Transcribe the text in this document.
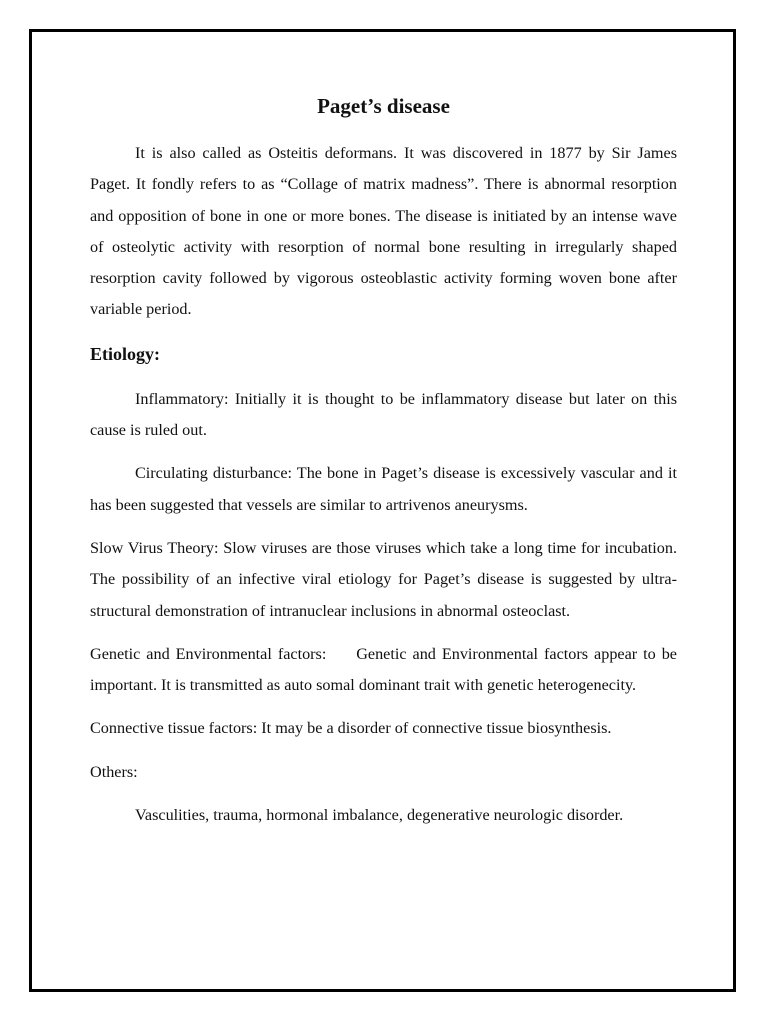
Paget’s disease

It is also called as Osteitis deformans. It was discovered in 1877 by Sir James Paget. It fondly refers to as “Collage of matrix madness”. There is abnormal resorption and opposition of bone in one or more bones. The disease is initiated by an intense wave of osteolytic activity with resorption of normal bone resulting in irregularly shaped resorption cavity followed by vigorous osteoblastic activity forming woven bone after variable period.

Etiology:

Inflammatory: Initially it is thought to be inflammatory disease but later on this cause is ruled out.

Circulating disturbance: The bone in Paget’s disease is excessively vascular and it has been suggested that vessels are similar to artrivenos aneurysms.

Slow Virus Theory: Slow viruses are those viruses which take a long time for incubation. The possibility of an infective viral etiology for Paget’s disease is suggested by ultra-structural demonstration of intranuclear inclusions in abnormal osteoclast.

Genetic and Environmental factors:     Genetic and Environmental factors appear to be important. It is transmitted as auto somal dominant trait with genetic heterogenecity.

Connective tissue factors: It may be a disorder of connective tissue biosynthesis.

Others:

Vasculities, trauma, hormonal imbalance, degenerative neurologic disorder.
